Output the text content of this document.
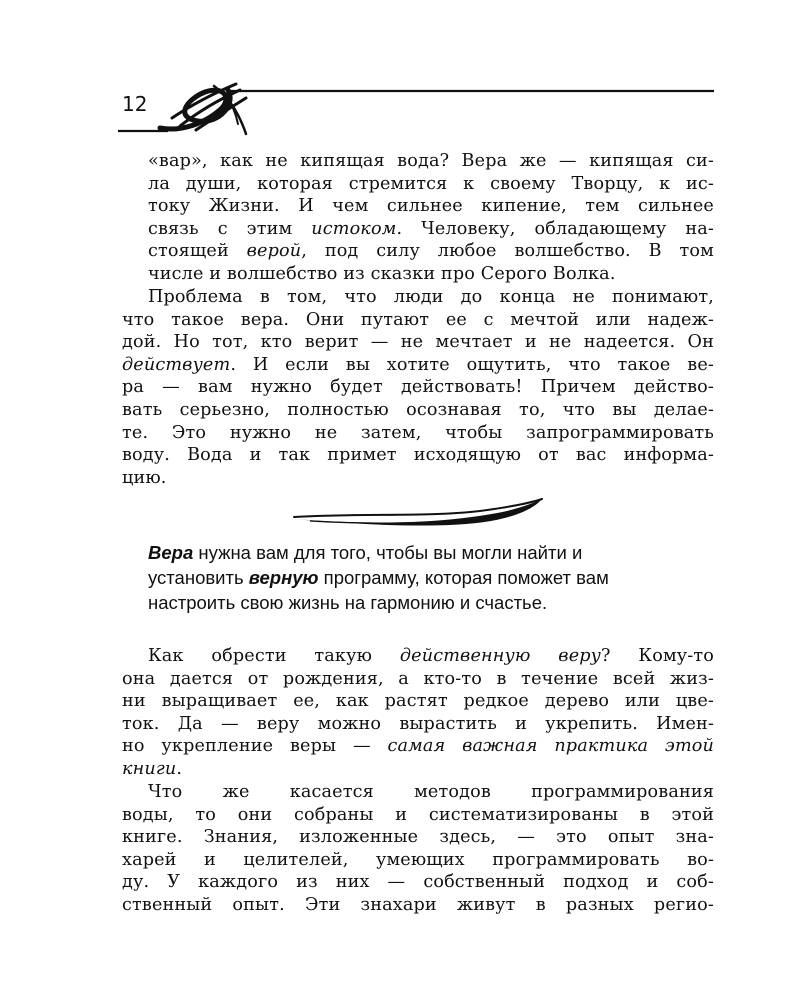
12
«вар», как не кипящая вода? Вера же — кипящая си-
ла души, которая стремится к своему Творцу, к ис-
току Жизни. И чем сильнее кипение, тем сильнее
связь с этим истоком. Человеку, обладающему на-
стоящей верой, под силу любое волшебство. В том
числе и волшебство из сказки про Серого Волка.
Проблема в том, что люди до конца не понимают,
что такое вера. Они путают ее с мечтой или надеж-
дой. Но тот, кто верит — не мечтает и не надеется. Он
действует. И если вы хотите ощутить, что такое ве-
ра — вам нужно будет действовать! Причем действо-
вать серьезно, полностью осознавая то, что вы делае-
те. Это нужно не затем, чтобы запрограммировать
воду. Вода и так примет исходящую от вас информа-
цию.
Вера нужна вам для того, чтобы вы могли найти и
установить верную программу, которая поможет вам
настроить свою жизнь на гармонию и счастье.
Как обрести такую действенную веру? Кому-то
она дается от рождения, а кто-то в течение всей жиз-
ни выращивает ее, как растят редкое дерево или цвe-
ток. Да — веру можно вырастить и укрепить. Имен-
но укрепление веры — самая важная практика этой
книги.
Что же касается методов программирования
воды, то они собраны и систематизированы в этой
книге. Знания, изложенные здесь, — это опыт зна-
харей и целителей, умеющих программировать во-
ду. У каждого из них — собственный подход и соб-
ственный опыт. Эти знахари живут в разных регио-
